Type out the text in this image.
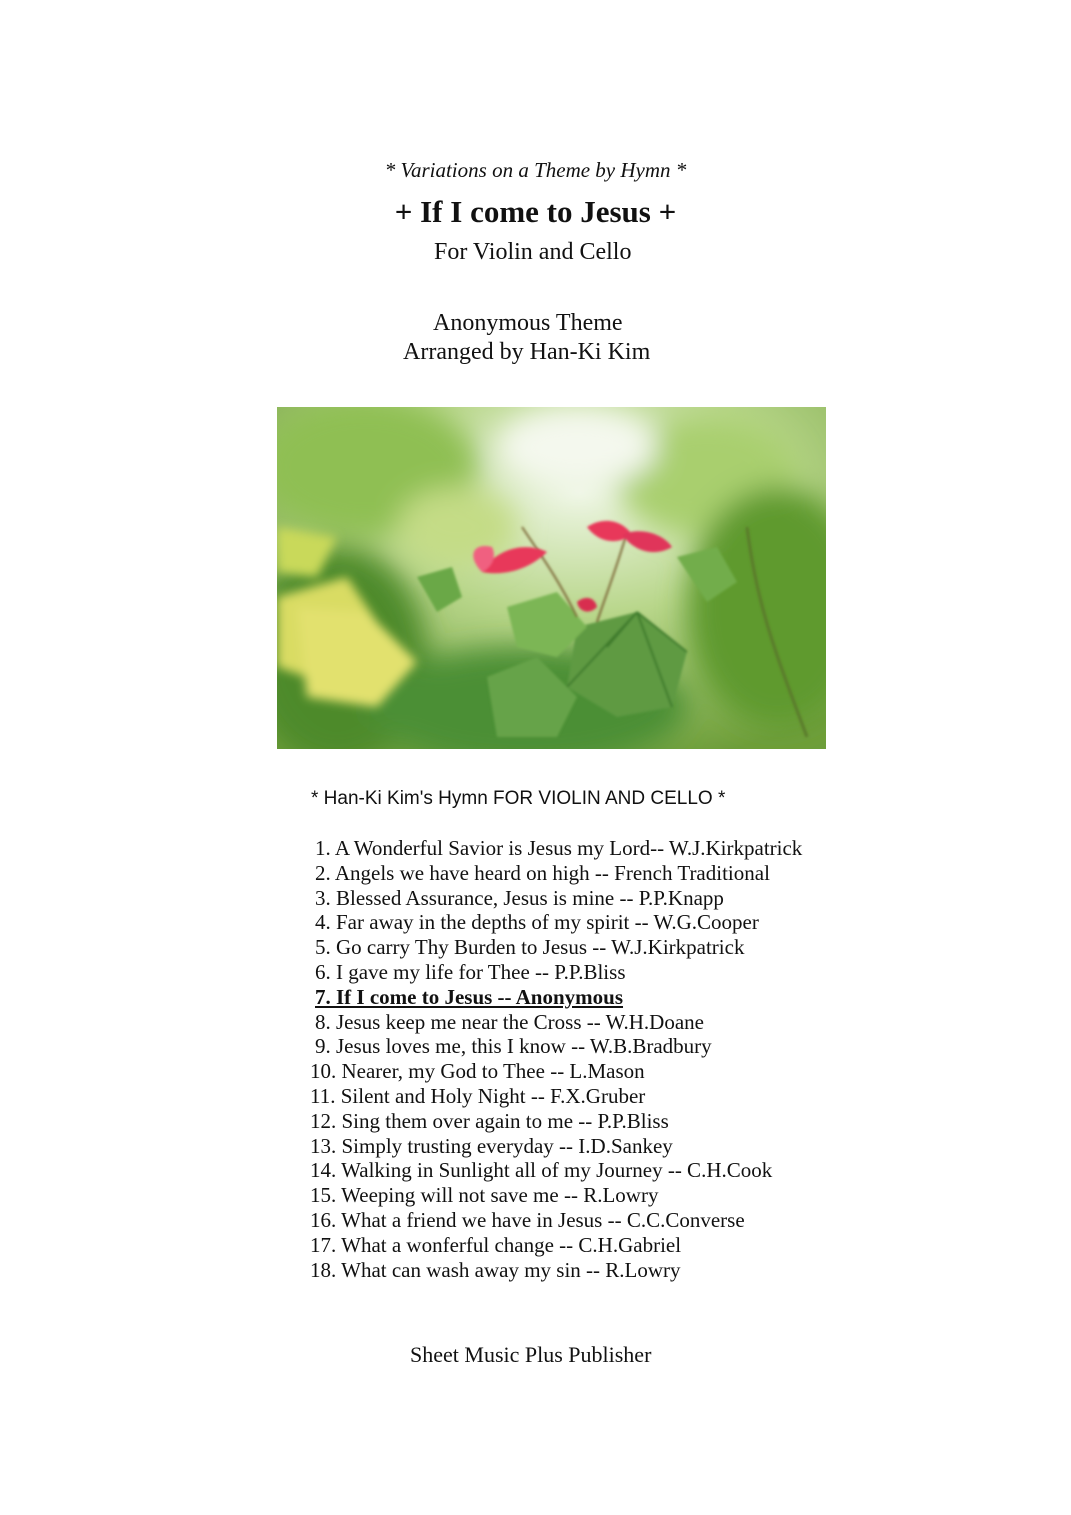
* Variations on a Theme by Hymn *
+ If I come to Jesus +
For Violin and Cello
Anonymous Theme
Arranged by Han-Ki Kim
* Han-Ki Kim's Hymn FOR VIOLIN AND CELLO *
1. A Wonderful Savior is Jesus my Lord-- W.J.Kirkpatrick
2. Angels we have heard on high -- French Traditional
3. Blessed Assurance, Jesus is mine -- P.P.Knapp
4. Far away in the depths of my spirit -- W.G.Cooper
5. Go carry Thy Burden to Jesus -- W.J.Kirkpatrick
6. I gave my life for Thee -- P.P.Bliss
7. If I come to Jesus -- Anonymous
8. Jesus keep me near the Cross -- W.H.Doane
9. Jesus loves me, this I know -- W.B.Bradbury
10. Nearer, my God to Thee -- L.Mason
11. Silent and Holy Night -- F.X.Gruber
12. Sing them over again to me -- P.P.Bliss
13. Simply trusting everyday -- I.D.Sankey
14. Walking in Sunlight all of my Journey -- C.H.Cook
15. Weeping will not save me -- R.Lowry
16. What a friend we have in Jesus -- C.C.Converse
17. What a wonferful change -- C.H.Gabriel
18. What can wash away my sin -- R.Lowry
Sheet Music Plus Publisher
